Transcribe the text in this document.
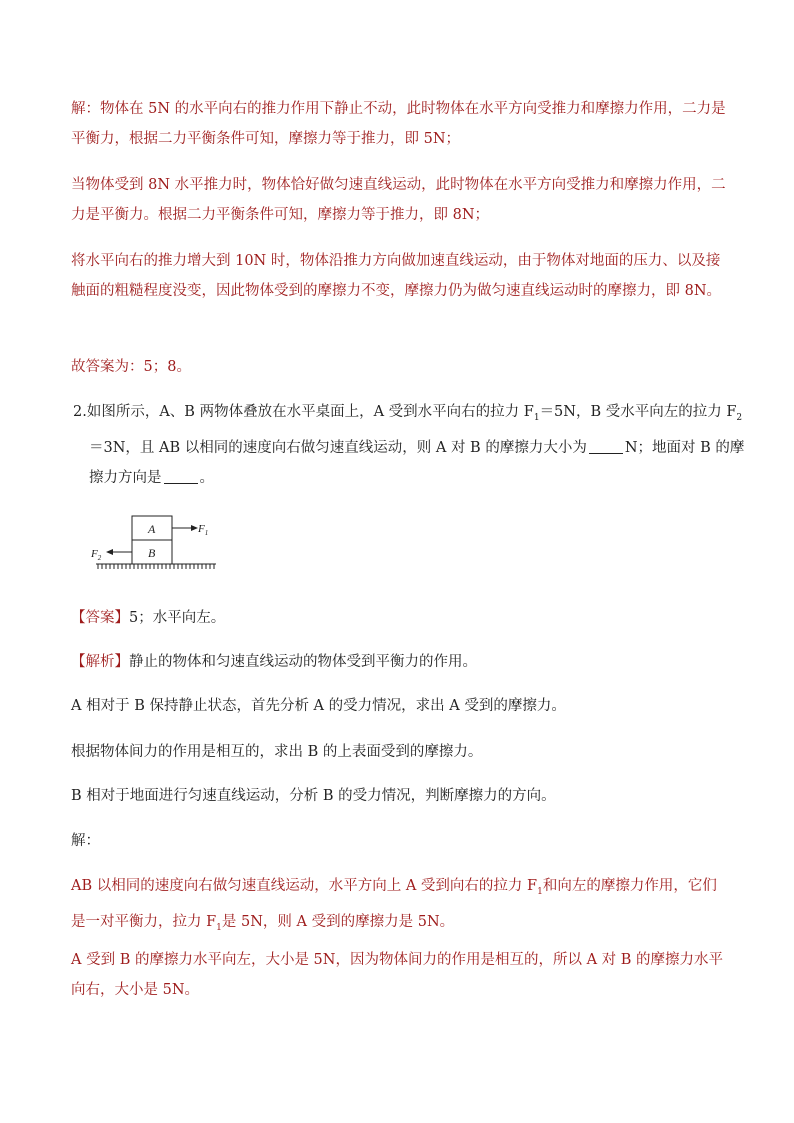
解：物体在 5N 的水平向右的推力作用下静止不动，此时物体在水平方向受推力和摩擦力作用，二力是平衡力，根据二力平衡条件可知，摩擦力等于推力，即 5N；

当物体受到 8N 水平推力时，物体恰好做匀速直线运动，此时物体在水平方向受推力和摩擦力作用，二力是平衡力。根据二力平衡条件可知，摩擦力等于推力，即 8N；

将水平向右的推力增大到 10N 时，物体沿推力方向做加速直线运动，由于物体对地面的压力、以及接触面的粗糙程度没变，因此物体受到的摩擦力不变，摩擦力仍为做匀速直线运动时的摩擦力，即 8N。

故答案为：5；8。

2.如图所示，A、B 两物体叠放在水平桌面上，A 受到水平向右的拉力 $F_1=5N$，B 受水平向左的拉力 $F_2=3N$，且 AB 以相同的速度向右做匀速直线运动，则 A 对 B 的摩擦力大小为	N；地面对 B 的摩擦力方向是	。

A
B
$F_1$
$F_2$

【答案】5；水平向左。

【解析】静止的物体和匀速直线运动的物体受到平衡力的作用。

A 相对于 B 保持静止状态，首先分析 A 的受力情况，求出 A 受到的摩擦力。

根据物体间力的作用是相互的，求出 B 的上表面受到的摩擦力。

B 相对于地面进行匀速直线运动，分析 B 的受力情况，判断摩擦力的方向。

解：

AB 以相同的速度向右做匀速直线运动，水平方向上 A 受到向右的拉力 $F_1$和向左的摩擦力作用，它们是一对平衡力，拉力 $F_1$是 5N，则 A 受到的摩擦力是 5N。

A 受到 B 的摩擦力水平向左，大小是 5N，因为物体间力的作用是相互的，所以 A 对 B 的摩擦力水平向右，大小是 5N。
